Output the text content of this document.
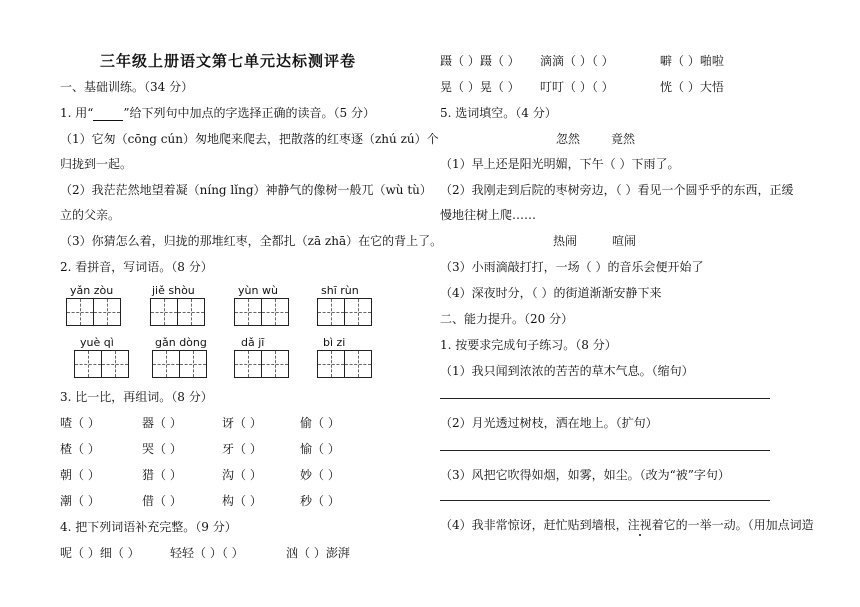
三年级上册语文第七单元达标测评卷
一、基础训练。（34 分）
1. 用“	”给下列句中加点的字选择正确的读音。（5 分）
（1）它匆（cōng cún）匆地爬来爬去，把散落的红枣逐（zhú zú）个
归拢到一起。
（2）我茫茫然地望着凝（níng lǐng）神静气的像树一般兀（wù tù）
立的父亲。
（3）你猜怎么着，归拢的那堆红枣，全都扎（zā zhā）在它的背上了。
2. 看拼音，写词语。（8 分）
yǎn zòu	jiě shòu	yùn wù	shī rùn
yuè qì	gǎn dòng	dǎ jī	bì zi
3. 比一比，再组词。（8 分）
喳（ ）	器（ ）	讶（ ）	偷（ ）
楂（ ）	哭（ ）	牙（ ）	愉（ ）
朝（ ）	猎（ ）	沟（ ）	妙（ ）
潮（ ）	借（ ）	构（ ）	秒（ ）
4. 把下列词语补充完整。（9 分）
呢（ ）细（ ）	轻轻（ ）（ ）	汹（ ）澎湃
蹑（ ）蹑（ ） 滴滴（ ）（ ）	噼（ ）啪啦
晃（ ）晃（ ） 叮叮（ ）（ ）	恍（ ）大悟
5. 选词填空。（4 分）
忽然	竟然
（1）早上还是阳光明媚，下午（ ）下雨了。
（2）我刚走到后院的枣树旁边，（ ）看见一个圆乎乎的东西，正缓
慢地往树上爬……
热闹	喧闹
（3）小雨滴敲打打，一场（ ）的音乐会便开始了
（4）深夜时分，（ ）的街道渐渐安静下来
二、能力提升。（20 分）
1. 按要求完成句子练习。（8 分）
（1）我只闻到浓浓的苦苦的草木气息。（缩句）
（2）月光透过树枝，洒在地上。（扩句）
（3）风把它吹得如烟，如雾，如尘。（改为“被”字句）
（4）我非常惊讶，赶忙贴到墙根，注视着它的一举一动。（用加点词造
